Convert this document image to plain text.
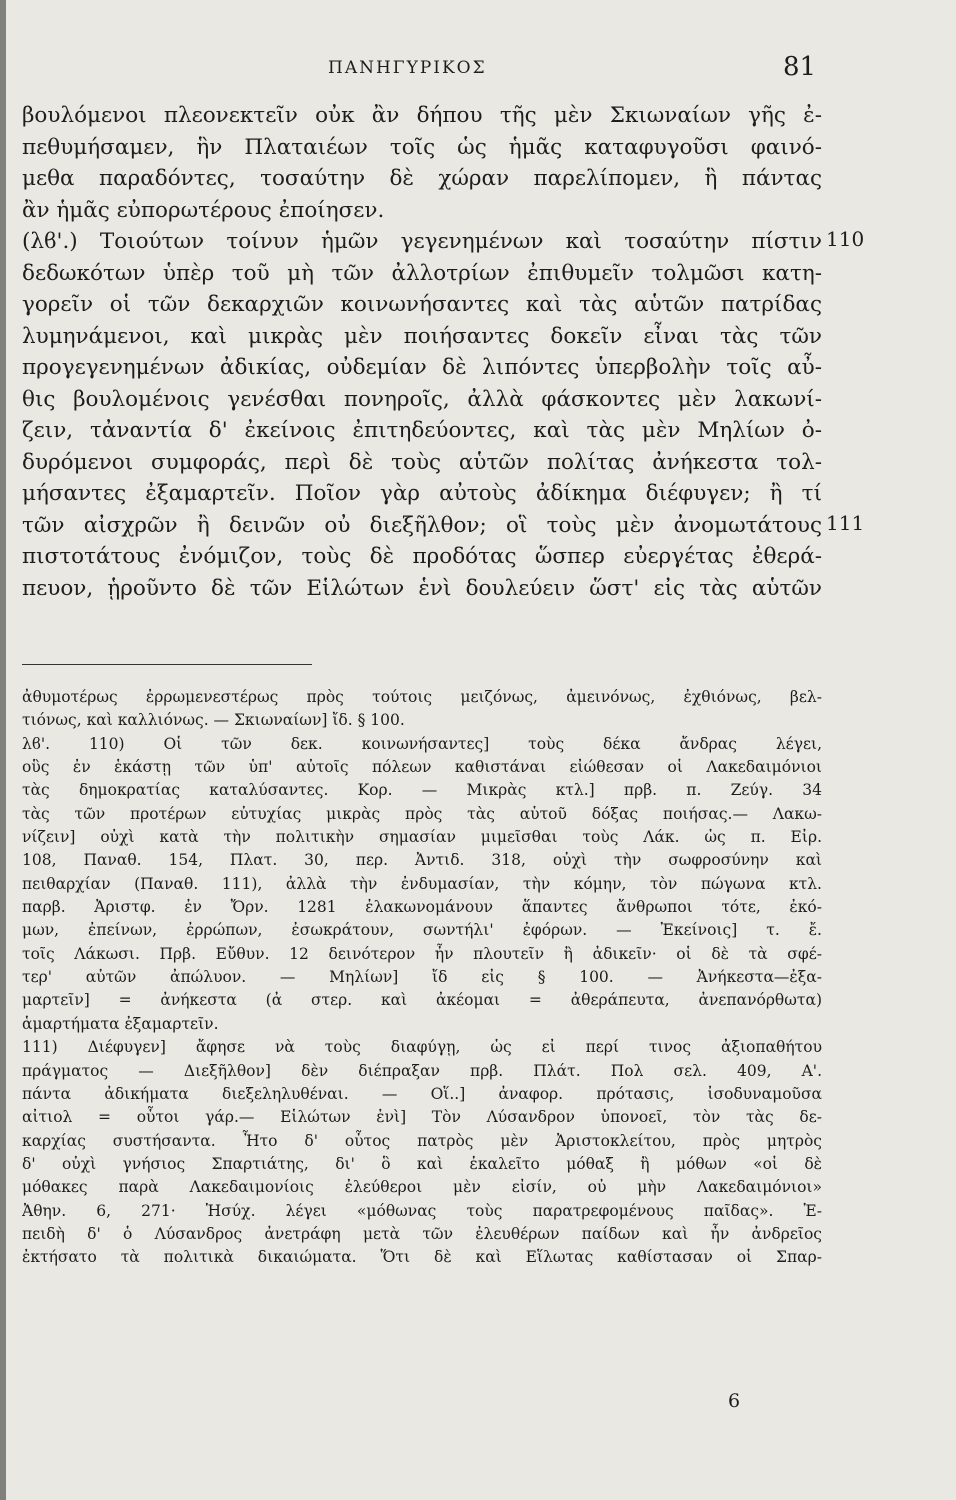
ΠΑΝΗΓΥΡΙΚΟΣ	81
βουλόμενοι πλεονεκτεῖν οὐκ ἂν δήπου τῆς μὲν Σκιωναίων γῆς ἐ-
πεθυμήσαμεν, ἣν Πλαταιέων τοῖς ὡς ἡμᾶς καταφυγοῦσι φαινό-
μεθα παραδόντες, τοσαύτην δὲ χώραν παρελίπομεν, ἣ πάντας
ἂν ἡμᾶς εὐπορωτέρους ἐποίησεν.
(λϐ'.) Τοιούτων τοίνυν ἡμῶν γεγενημένων καὶ τοσαύτην πίστιν
δεδωκότων ὑπὲρ τοῦ μὴ τῶν ἀλλοτρίων ἐπιθυμεῖν τολμῶσι κατη-
γορεῖν οἱ τῶν δεκαρχιῶν κοινωνήσαντες καὶ τὰς αὑτῶν πατρίδας
λυμηνάμενοι, καὶ μικρὰς μὲν ποιήσαντες δοκεῖν εἶναι τὰς τῶν
προγεγενημένων ἀδικίας, οὐδεμίαν δὲ λιπόντες ὑπερβολὴν τοῖς αὖ-
θις βουλομένοις γενέσθαι πονηροῖς, ἀλλὰ φάσκοντες μὲν λακωνί-
ζειν, τἀναντία δ' ἐκείνοις ἐπιτηδεύοντες, καὶ τὰς μὲν Μηλίων ὀ-
δυρόμενοι συμφοράς, περὶ δὲ τοὺς αὑτῶν πολίτας ἀνήκεστα τολ-
μήσαντες ἐξαμαρτεῖν. Ποῖον γὰρ αὐτοὺς ἀδίκημα διέφυγεν; ἢ τί
τῶν αἰσχρῶν ἢ δεινῶν οὐ διεξῆλθον; οἳ τοὺς μὲν ἀνομωτάτους
πιστοτάτους ἐνόμιζον, τοὺς δὲ προδότας ὥσπερ εὐεργέτας ἐθερά-
πευον, ᾑροῦντο δὲ τῶν Εἱλώτων ἑνὶ δουλεύειν ὥστ' εἰς τὰς αὑτῶν
110
111
ἀθυμοτέρως ἐρρωμενεστέρως πρὸς τούτοις μειζόνως, ἀμεινόνως, ἐχθιόνως, βελ-
τιόνως, καὶ καλλιόνως. — Σκιωναίων] ἴδ. § 100.
λϐ'. 110) Οἱ τῶν δεκ. κοινωνήσαντες] τοὺς δέκα ἄνδρας λέγει,
οὓς ἐν ἑκάστῃ τῶν ὑπ' αὐτοῖς πόλεων καθιστάναι εἰώθεσαν οἱ Λακεδαιμόνιοι
τὰς δημοκρατίας καταλύσαντες. Κορ. — Μικρὰς κτλ.] πρβ. π. Ζεύγ. 34
τὰς τῶν προτέρων εὐτυχίας μικρὰς πρὸς τὰς αὑτοῦ δόξας ποιήσας.— Λακω-
νίζειν] οὐχὶ κατὰ τὴν πολιτικὴν σημασίαν μιμεῖσθαι τοὺς Λάκ. ὡς π. Εἰρ.
108, Παναθ. 154, Πλατ. 30, περ. Ἀντιδ. 318, οὐχὶ τὴν σωφροσύνην καὶ
πειθαρχίαν (Παναθ. 111), ἀλλὰ τὴν ἐνδυμασίαν, τὴν κόμην, τὸν πώγωνα κτλ.
παρβ. Ἀριστφ. ἐν Ὄρν. 1281 ἐλακωνομάνουν ἅπαντες ἄνθρωποι τότε, ἐκό-
μων, ἐπείνων, ἐρρώπων, ἐσωκράτουν, σωντήλι' ἐφόρων. — Ἐκείνοις] τ. ἔ.
τοῖς Λάκωσι. Πρβ. Εὔθυν. 12 δεινότερον ἦν πλουτεῖν ἢ ἀδικεῖν· οἱ δὲ τὰ σφέ-
τερ' αὐτῶν ἀπώλυον. — Μηλίων] ἴδ εἰς § 100. — Ἀνήκεστα—ἐξα-
μαρτεῖν] = ἀνήκεστα (ἀ στερ. καὶ ἀκέομαι = ἀθεράπευτα, ἀνεπανόρθωτα)
ἁμαρτήματα ἐξαμαρτεῖν.
111) Διέφυγεν] ἄφησε νὰ τοὺς διαφύγῃ, ὡς εἰ περί τινος ἀξιοπαθήτου
πράγματος — Διεξῆλθον] δὲν διέπραξαν πρβ. Πλάτ. Πολ σελ. 409, Α'.
πάντα ἀδικήματα διεξεληλυθέναι. — Οἵ..] ἀναφορ. πρότασις, ἰσοδυναμοῦσα
αἰτιολ = οὗτοι γάρ.— Εἱλώτων ἑνὶ] Τὸν Λύσανδρον ὑπονοεῖ, τὸν τὰς δε-
καρχίας συστήσαντα. Ἦτο δ' οὗτος πατρὸς μὲν Ἀριστοκλείτου, πρὸς μητρὸς
δ' οὐχὶ γνήσιος Σπαρτιάτης, δι' ὃ καὶ ἐκαλεῖτο μόθαξ ἢ μόθων «οἱ δὲ
μόθακες παρὰ Λακεδαιμονίοις ἐλεύθεροι μὲν εἰσίν, οὐ μὴν Λακεδαιμόνιοι»
Ἀθην. 6, 271· Ἡσύχ. λέγει «μόθωνας τοὺς παρατρεφομένους παῖδας». Ἐ-
πειδὴ δ' ὁ Λύσανδρος ἀνετράφη μετὰ τῶν ἐλευθέρων παίδων καὶ ἦν ἀνδρεῖος
ἐκτήσατο τὰ πολιτικὰ δικαιώματα. Ὅτι δὲ καὶ Εἵλωτας καθίστασαν οἱ Σπαρ-
6
